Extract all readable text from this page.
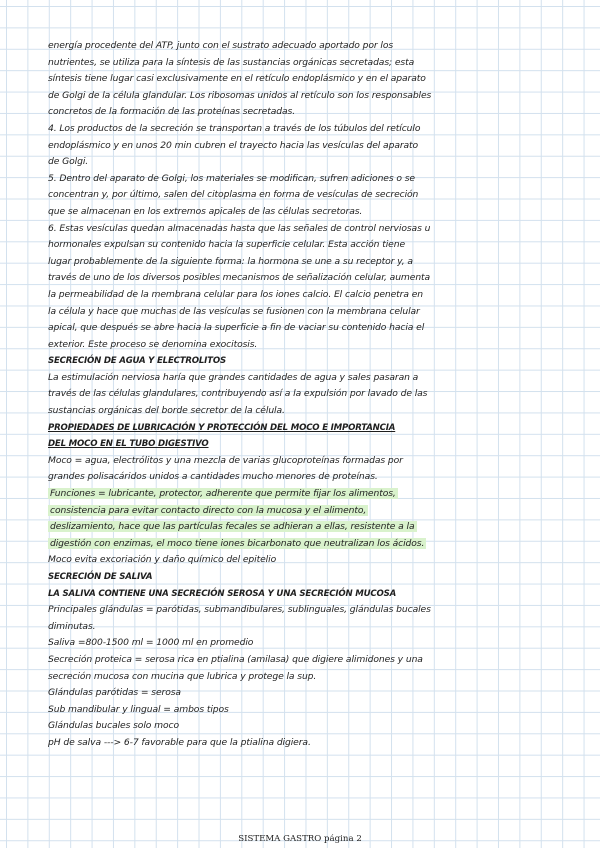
energía procedente del ATP, junto con el sustrato adecuado aportado por los
nutrientes, se utiliza para la síntesis de las sustancias orgánicas secretadas; esta
síntesis tiene lugar casi exclusivamente en el retículo endoplásmico y en el aparato
de Golgi de la célula glandular. Los ribosomas unidos al retículo son los responsables
concretos de la formación de las proteínas secretadas.
4. Los productos de la secreción se transportan a través de los túbulos del retículo
endoplásmico y en unos 20 min cubren el trayecto hacia las vesículas del aparato
de Golgi.
5. Dentro del aparato de Golgi, los materiales se modifican, sufren adiciones o se
concentran y, por último, salen del citoplasma en forma de vesículas de secreción
que se almacenan en los extremos apicales de las células secretoras.
6. Estas vesículas quedan almacenadas hasta que las señales de control nerviosas u
hormonales expulsan su contenido hacia la superficie celular. Esta acción tiene
lugar probablemente de la siguiente forma: la hormona se une a su receptor y, a
través de uno de los diversos posibles mecanismos de señalización celular, aumenta
la permeabilidad de la membrana celular para los iones calcio. El calcio penetra en
la célula y hace que muchas de las vesículas se fusionen con la membrana celular
apical, que después se abre hacia la superficie a fin de vaciar su contenido hacia el
exterior. Este proceso se denomina exocitosis.
SECRECIÓN DE AGUA Y ELECTROLITOS
La estimulación nerviosa haría que grandes cantidades de agua y sales pasaran a
través de las células glandulares, contribuyendo así a la expulsión por lavado de las
sustancias orgánicas del borde secretor de la célula.
PROPIEDADES DE LUBRICACIÓN Y PROTECCIÓN DEL MOCO E IMPORTANCIA
DEL MOCO EN EL TUBO DIGESTIVO
Moco = agua, electrólitos y una mezcla de varias glucoproteínas formadas por
grandes polisacáridos unidos a cantidades mucho menores de proteínas.
Funciones = lubricante, protector, adherente que permite fijar los alimentos,
consistencia para evitar contacto directo con la mucosa y el alimento,
deslizamiento, hace que las partículas fecales se adhieran a ellas, resistente a la
digestión con enzimas, el moco tiene iones bicarbonato que neutralizan los ácidos.
Moco evita excoriación y daño químico del epitelio
SECRECIÓN DE SALIVA
LA SALIVA CONTIENE UNA SECRECIÓN SEROSA Y UNA SECRECIÓN MUCOSA
Principales glándulas = parótidas, submandibulares, sublinguales, glándulas bucales
diminutas.
Saliva =800-1500 ml = 1000 ml en promedio
Secreción proteica = serosa rica en ptialina (amilasa) que digiere alimidones y una
secreción mucosa con mucina que lubrica y protege la sup.
Glándulas parótidas = serosa
Sub mandibular y lingual = ambos tipos
Glándulas bucales solo moco
pH de salva ---> 6-7 favorable para que la ptialina digiera.
SISTEMA GASTRO página 2
